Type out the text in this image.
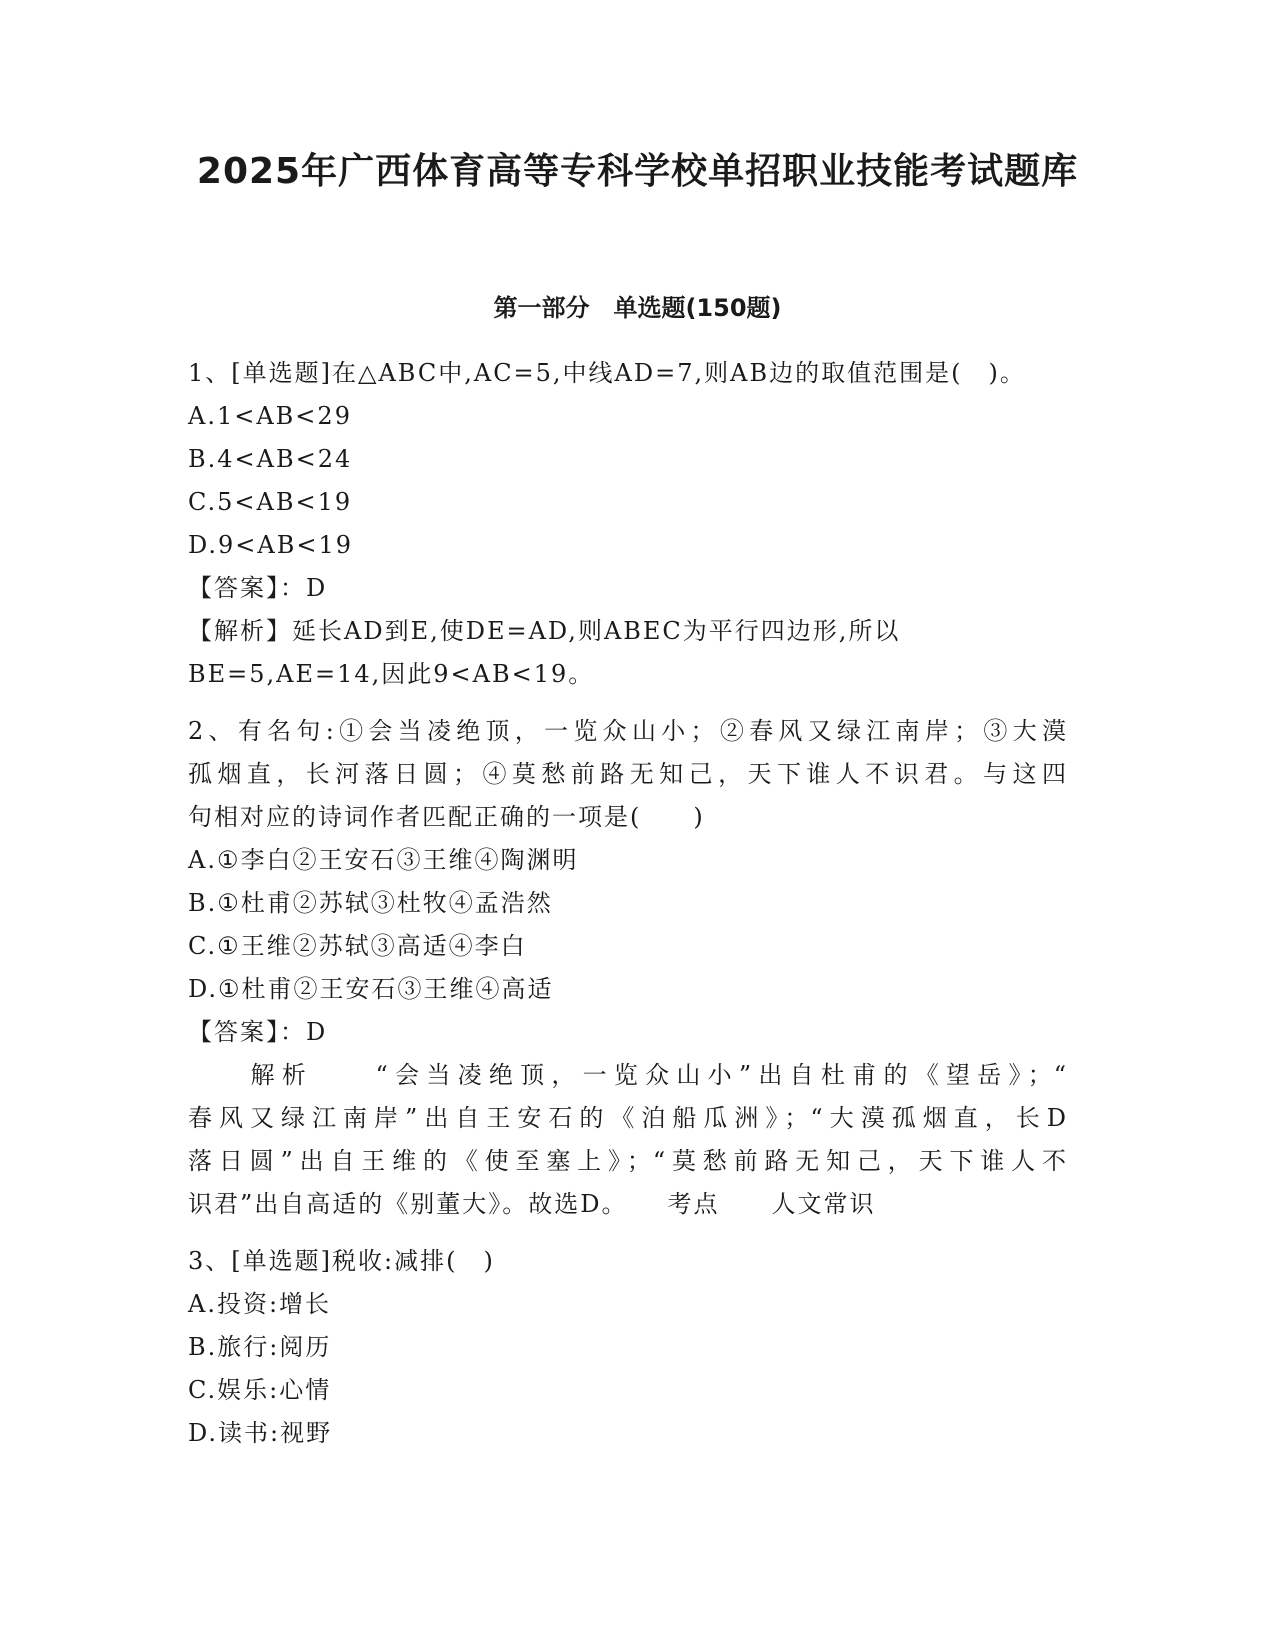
2025年广西体育高等专科学校单招职业技能考试题库
第一部分　单选题(150题)
1、[单选题]在△ABC中,AC=5,中线AD=7,则AB边的取值范围是(　)。
A.1<AB<29
B.4<AB<24
C.5<AB<19
D.9<AB<19
【答案】：D
【解析】延长AD到E,使DE=AD,则ABEC为平行四边形,所以
BE=5,AE=14,因此9<AB<19。
2、有名句:①会当凌绝顶，一览众山小；②春风又绿江南岸；③大漠
孤烟直，长河落日圆；④莫愁前路无知己，天下谁人不识君。与这四
句相对应的诗词作者匹配正确的一项是(　　)
A.①李白②王安石③王维④陶渊明
B.①杜甫②苏轼③杜牧④孟浩然
C.①王维②苏轼③高适④李白
D.①杜甫②王安石③王维④高适
【答案】：D
　　解析　　“会当凌绝顶，一览众山小”出自杜甫的《望岳》；“
春风又绿江南岸”出自王安石的《泊船瓜洲》；“大漠孤烟直，长D
落日圆”出自王维的《使至塞上》；“莫愁前路无知己，天下谁人不
识君”出自高适的《别董大》。故选D。　　考点　　人文常识
3、[单选题]税收:减排(　)
A.投资:增长
B.旅行:阅历
C.娱乐:心情
D.读书:视野
